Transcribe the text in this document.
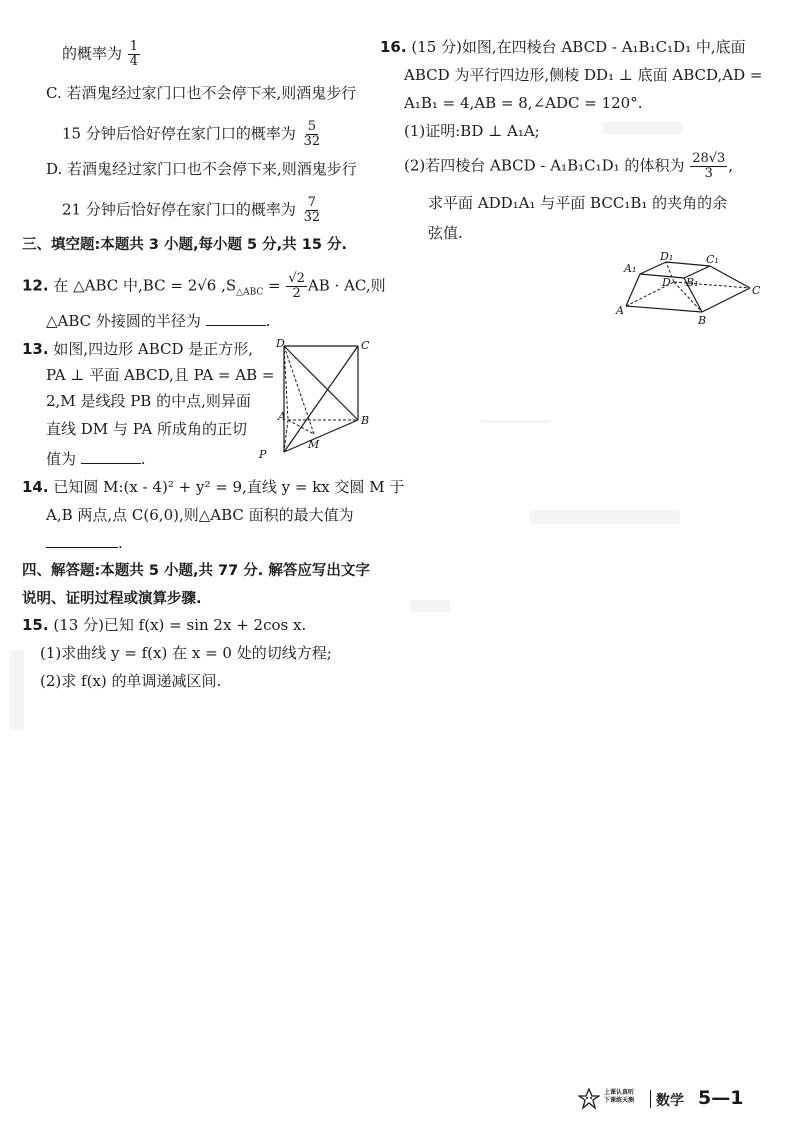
的概率为 $\frac{1}{4}$
C. 若酒鬼经过家门口也不会停下来,则酒鬼步行
15 分钟后恰好停在家门口的概率为 $\frac{5}{32}$
D. 若酒鬼经过家门口也不会停下来,则酒鬼步行
21 分钟后恰好停在家门口的概率为 $\frac{7}{32}$
三、填空题:本题共 3 小题,每小题 5 分,共 15 分.
12. 在 △ABC 中,BC = 2√6 $,S_{\triangle ABC} = \frac{√2}{2}$ AB · AC,则
△ABC 外接圆的半径为	.
13. 如图,四边形 ABCD 是正方形,
PA ⊥ 平面 ABCD,且 PA = AB =
2,M 是线段 PB 的中点,则异面
直线 DM 与 PA 所成角的正切
值为	.
D	C
A	B
P
M
14. 已知圆 M:(x - 4)² + y² = 9,直线 y = kx 交圆 M 于
A,B 两点,点 C(6,0),则△ABC 面积的最大值为
.
四、解答题:本题共 5 小题,共 77 分. 解答应写出文字
说明、证明过程或演算步骤.
15. (13 分)已知 f(x) = sin 2x + 2cos x.
(1)求曲线 y = f(x) 在 x = 0 处的切线方程;
(2)求 f(x) 的单调递减区间.
16. (15 分)如图,在四棱台 ABCD - A₁B₁C₁D₁ 中,底面
ABCD 为平行四边形,侧棱 DD₁ ⊥ 底面 ABCD,AD =
A₁B₁ = 4,AB = 8,∠ADC = 120°.
(1)证明:BD ⊥ A₁A;
(2)若四棱台 ABCD - A₁B₁C₁D₁ 的体积为 $\frac{28√3}{3}$ ,
求平面 ADD₁A₁ 与平面 BCC₁B₁ 的夹角的余
弦值.
A₁
D₁	C₁
D B₁
C
A
B
上课认真听
下课练天测 数学 5—1
